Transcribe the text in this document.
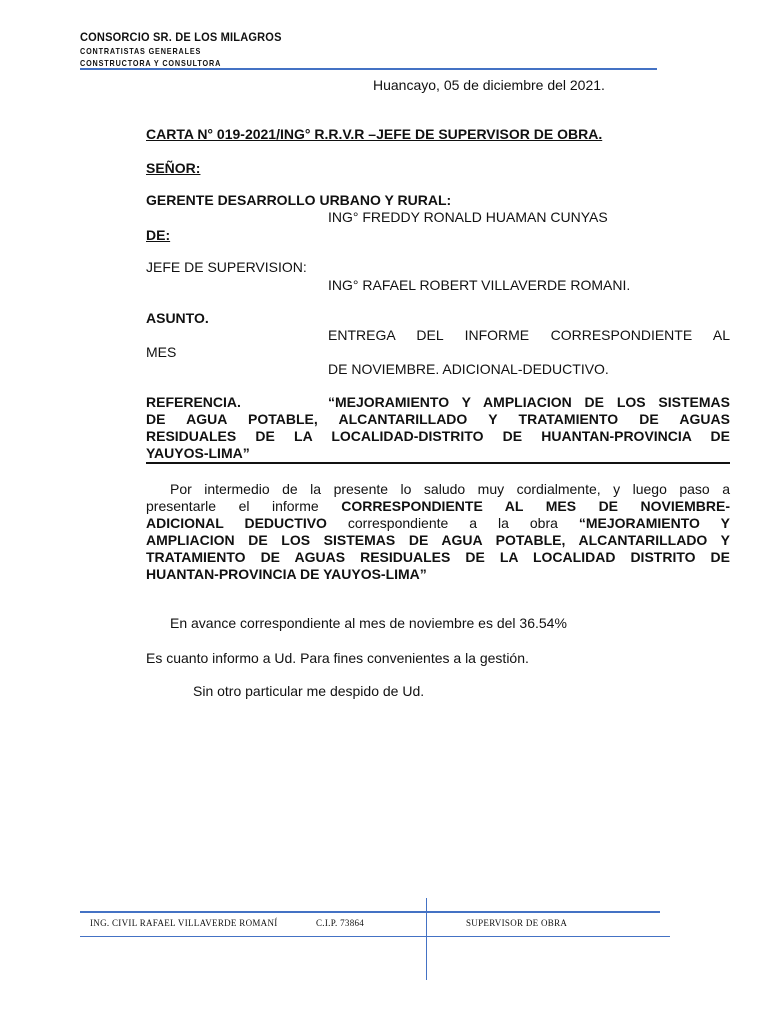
CONSORCIO SR. DE LOS MILAGROS
CONTRATISTAS GENERALES
CONSTRUCTORA Y CONSULTORA
Huancayo, 05 de diciembre del 2021.
CARTA N° 019-2021/ING° R.R.V.R –JEFE DE SUPERVISOR DE OBRA.
SEÑOR:
GERENTE DESARROLLO URBANO Y RURAL:
ING° FREDDY RONALD HUAMAN CUNYAS
DE:
JEFE DE SUPERVISION:
ING° RAFAEL ROBERT VILLAVERDE ROMANI.
ASUNTO.
ENTREGA DEL INFORME CORRESPONDIENTE AL
MES
DE NOVIEMBRE. ADICIONAL-DEDUCTIVO.
REFERENCIA.	“MEJORAMIENTO Y AMPLIACION DE LOS SISTEMAS
DE AGUA POTABLE, ALCANTARILLADO Y TRATAMIENTO DE AGUAS
RESIDUALES DE LA LOCALIDAD-DISTRITO DE HUANTAN-PROVINCIA DE
YAUYOS-LIMA”
Por intermedio de la presente lo saludo muy cordialmente, y luego paso a
presentarle el informe CORRESPONDIENTE AL MES DE NOVIEMBRE-
ADICIONAL DEDUCTIVO correspondiente a la obra “MEJORAMIENTO Y
AMPLIACION DE LOS SISTEMAS DE AGUA POTABLE, ALCANTARILLADO Y
TRATAMIENTO DE AGUAS RESIDUALES DE LA LOCALIDAD DISTRITO DE
HUANTAN-PROVINCIA DE YAUYOS-LIMA”
En avance correspondiente al mes de noviembre es del 36.54%
Es cuanto informo a Ud. Para fines convenientes a la gestión.
Sin otro particular me despido de Ud.
ING. CIVIL RAFAEL VILLAVERDE ROMANÍ	C.I.P. 73864	SUPERVISOR DE OBRA
